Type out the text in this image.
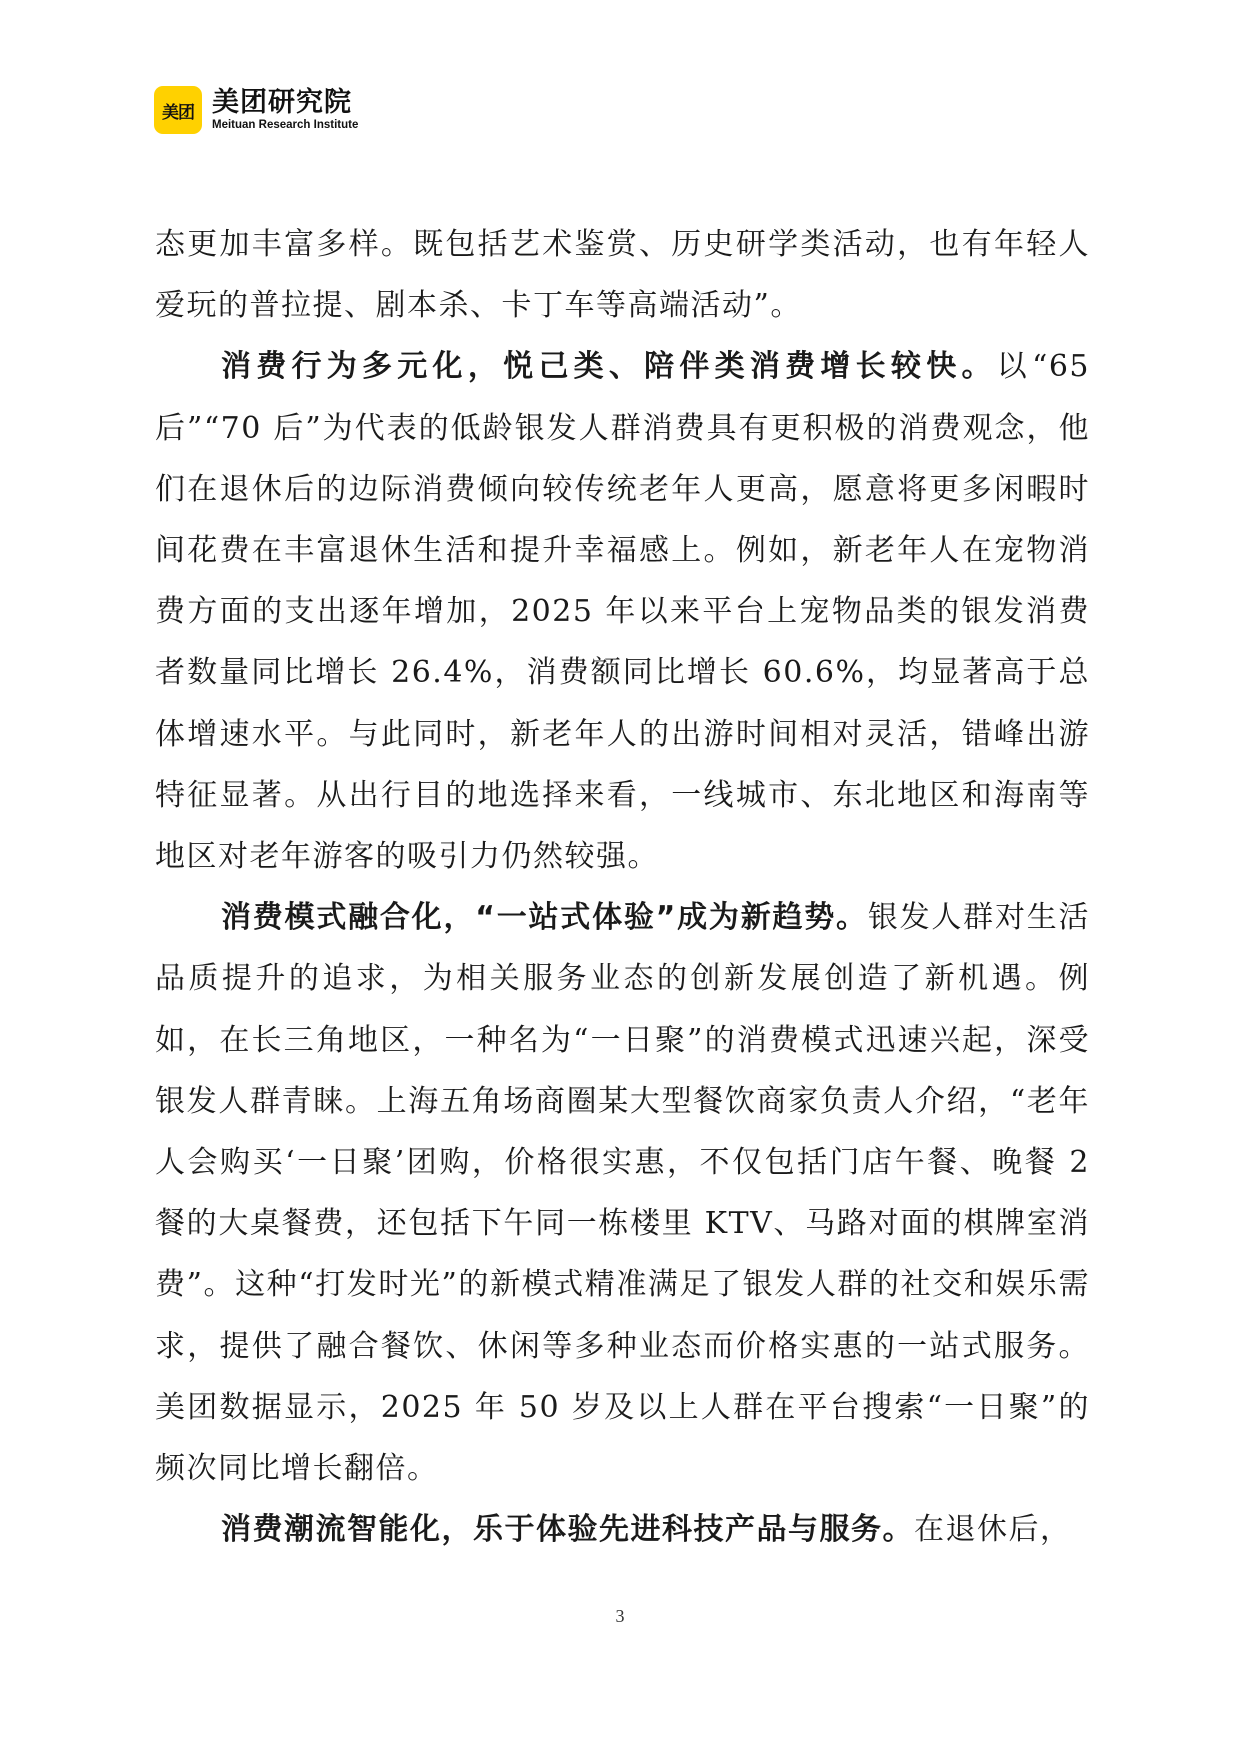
美团 美团研究院
Meituan Research Institute

态更加丰富多样。既包括艺术鉴赏、历史研学类活动，也有年轻人爱玩的普拉提、剧本杀、卡丁车等高端活动”。

消费行为多元化，悦己类、陪伴类消费增长较快。以“65后”“70 后”为代表的低龄银发人群消费具有更积极的消费观念，他们在退休后的边际消费倾向较传统老年人更高，愿意将更多闲暇时间花费在丰富退休生活和提升幸福感上。例如，新老年人在宠物消费方面的支出逐年增加，2025 年以来平台上宠物品类的银发消费者数量同比增长 26.4%，消费额同比增长 60.6%，均显著高于总体增速水平。与此同时，新老年人的出游时间相对灵活，错峰出游特征显著。从出行目的地选择来看，一线城市、东北地区和海南等地区对老年游客的吸引力仍然较强。

消费模式融合化，“一站式体验”成为新趋势。银发人群对生活品质提升的追求，为相关服务业态的创新发展创造了新机遇。例如，在长三角地区，一种名为“一日聚”的消费模式迅速兴起，深受银发人群青睐。上海五角场商圈某大型餐饮商家负责人介绍，“老年人会购买‘一日聚’团购，价格很实惠，不仅包括门店午餐、晚餐 2 餐的大桌餐费，还包括下午同一栋楼里 KTV、马路对面的棋牌室消费”。这种“打发时光”的新模式精准满足了银发人群的社交和娱乐需求，提供了融合餐饮、休闲等多种业态而价格实惠的一站式服务。美团数据显示，2025 年 50 岁及以上人群在平台搜索“一日聚”的频次同比增长翻倍。

消费潮流智能化，乐于体验先进科技产品与服务。在退休后，

3
